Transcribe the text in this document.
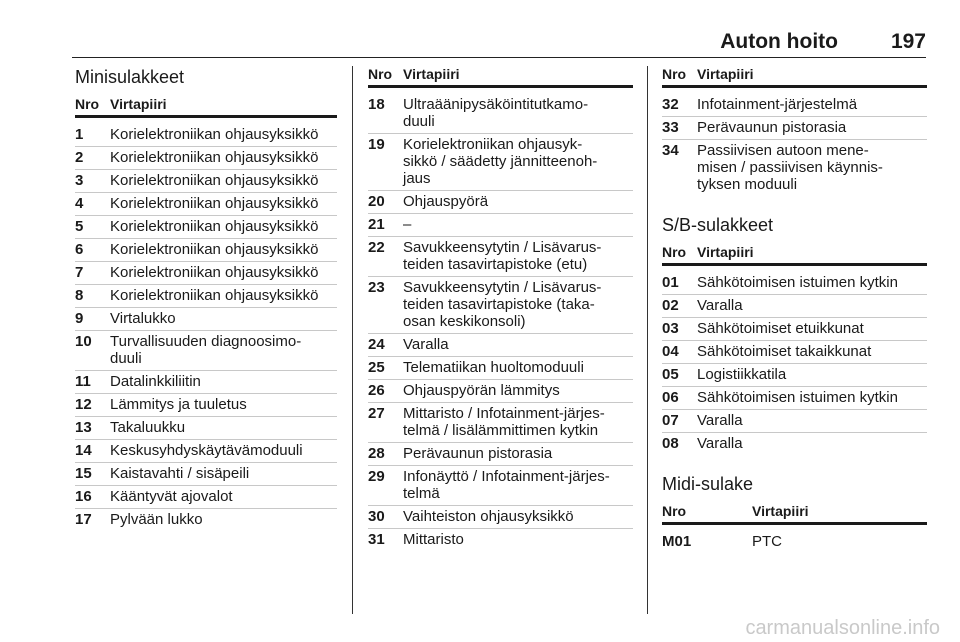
Auton hoito	197
Minisulakkeet
Nro Virtapiiri
1	Korielektroniikan ohjausyksikkö
2	Korielektroniikan ohjausyksikkö
3	Korielektroniikan ohjausyksikkö
4	Korielektroniikan ohjausyksikkö
5	Korielektroniikan ohjausyksikkö
6	Korielektroniikan ohjausyksikkö
7	Korielektroniikan ohjausyksikkö
8	Korielektroniikan ohjausyksikkö
9	Virtalukko
10	Turvallisuuden diagnoosimo-
duuli
11	Datalinkkiliitin
12	Lämmitys ja tuuletus
13	Takaluukku
14	Keskusyhdyskäytävämoduuli
15	Kaistavahti / sisäpeili
16	Kääntyvät ajovalot
17	Pylvään lukko
Nro Virtapiiri
18	Ultraäänipysäköintitutkamo-
duuli
19	Korielektroniikan ohjausyk-
sikkö / säädetty jännitteenoh-
jaus
20	Ohjauspyörä
21	–
22	Savukkeensytytin / Lisävarus-
teiden tasavirtapistoke (etu)
23	Savukkeensytytin / Lisävarus-
teiden tasavirtapistoke (taka-
osan keskikonsoli)
24	Varalla
25	Telematiikan huoltomoduuli
26	Ohjauspyörän lämmitys
27	Mittaristo / Infotainment-järjes-
telmä / lisälämmittimen kytkin
28	Perävaunun pistorasia
29	Infonäyttö / Infotainment-järjes-
telmä
30	Vaihteiston ohjausyksikkö
31	Mittaristo
Nro Virtapiiri
32	Infotainment-järjestelmä
33	Perävaunun pistorasia
34	Passiivisen autoon mene-
misen / passiivisen käynnis-
tyksen moduuli
S/B-sulakkeet
Nro Virtapiiri
01	Sähkötoimisen istuimen kytkin
02	Varalla
03	Sähkötoimiset etuikkunat
04	Sähkötoimiset takaikkunat
05	Logistiikkatila
06	Sähkötoimisen istuimen kytkin
07	Varalla
08	Varalla
Midi-sulake
Nro	Virtapiiri
M01	PTC
carmanualsonline.info
